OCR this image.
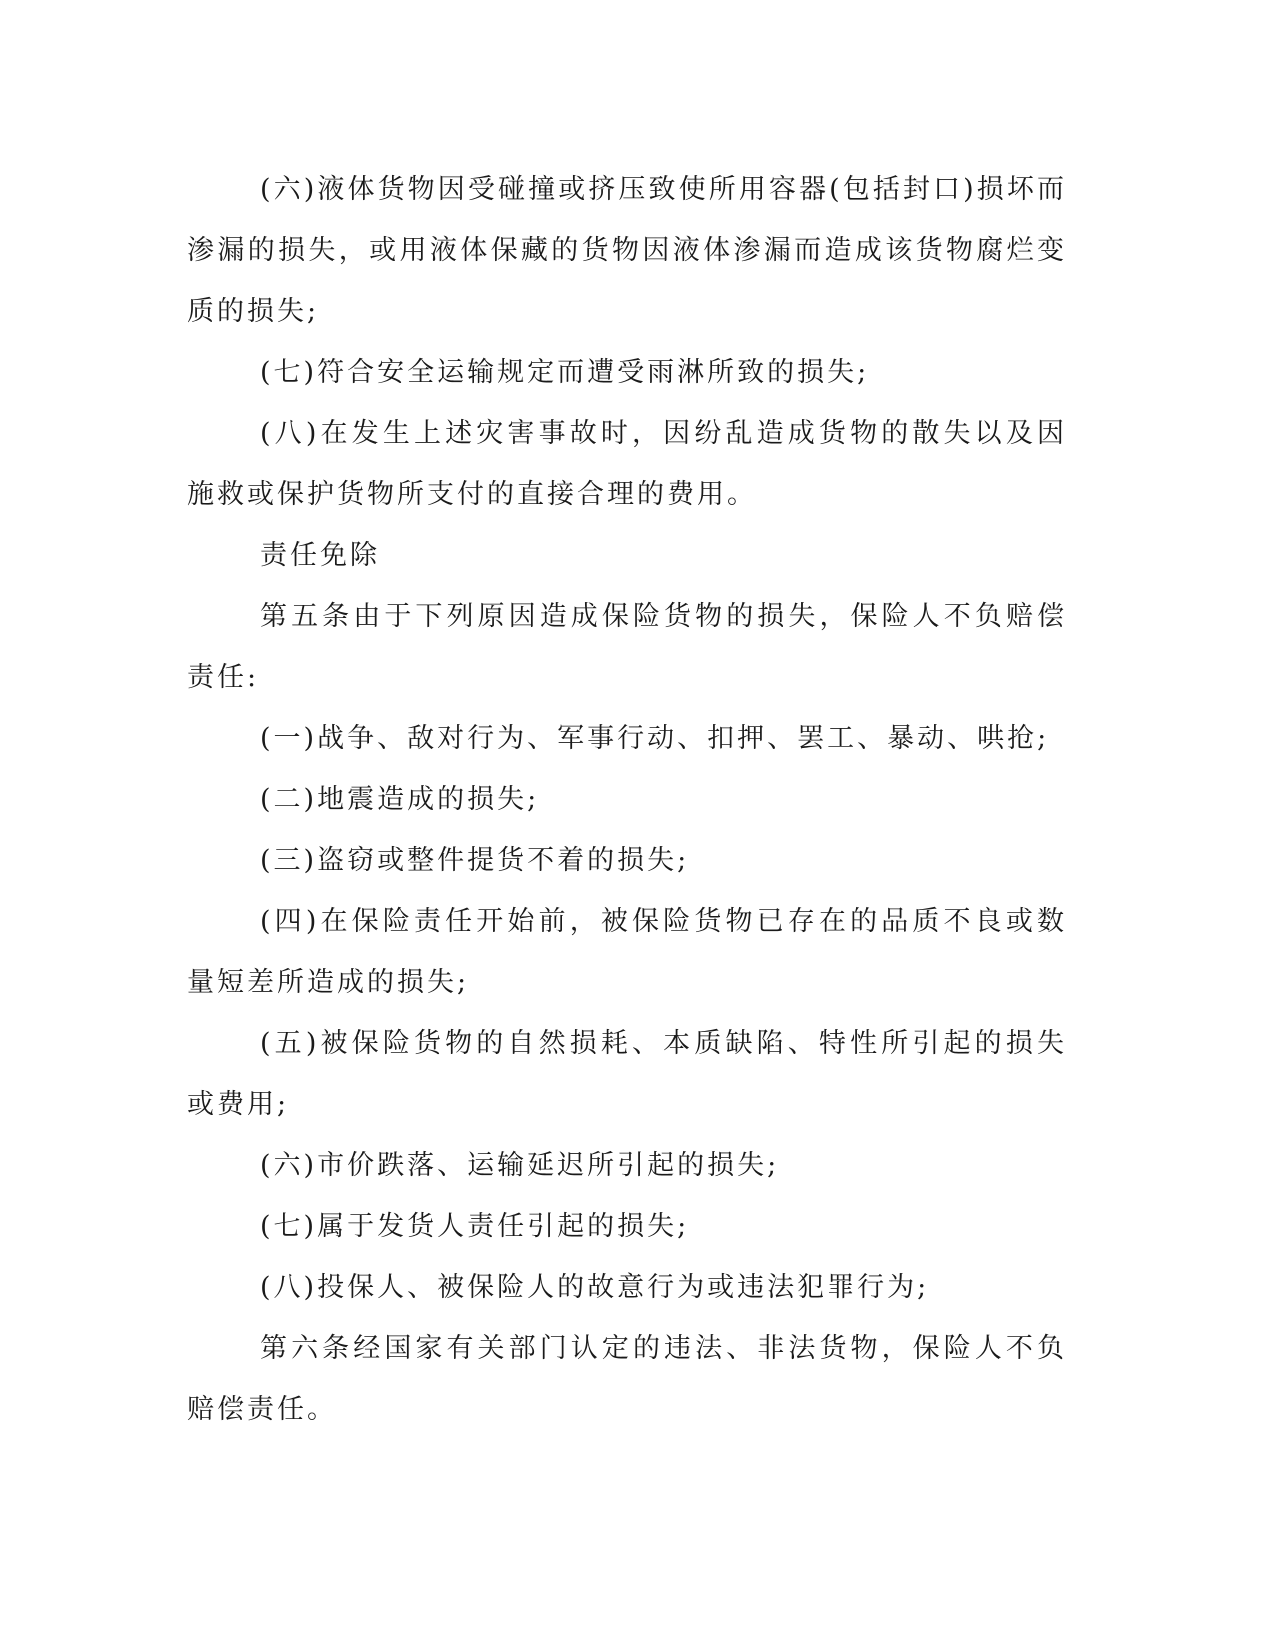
(六)液体货物因受碰撞或挤压致使所用容器(包括封口)损坏而渗漏的损失，或用液体保藏的货物因液体渗漏而造成该货物腐烂变质的损失;

(七)符合安全运输规定而遭受雨淋所致的损失;

(八)在发生上述灾害事故时，因纷乱造成货物的散失以及因施救或保护货物所支付的直接合理的费用。

责任免除

第五条由于下列原因造成保险货物的损失，保险人不负赔偿责任:

(一)战争、敌对行为、军事行动、扣押、罢工、暴动、哄抢;

(二)地震造成的损失;

(三)盗窃或整件提货不着的损失;

(四)在保险责任开始前，被保险货物已存在的品质不良或数量短差所造成的损失;

(五)被保险货物的自然损耗、本质缺陷、特性所引起的损失或费用;

(六)市价跌落、运输延迟所引起的损失;

(七)属于发货人责任引起的损失;

(八)投保人、被保险人的故意行为或违法犯罪行为;

第六条经国家有关部门认定的违法、非法货物，保险人不负赔偿责任。
